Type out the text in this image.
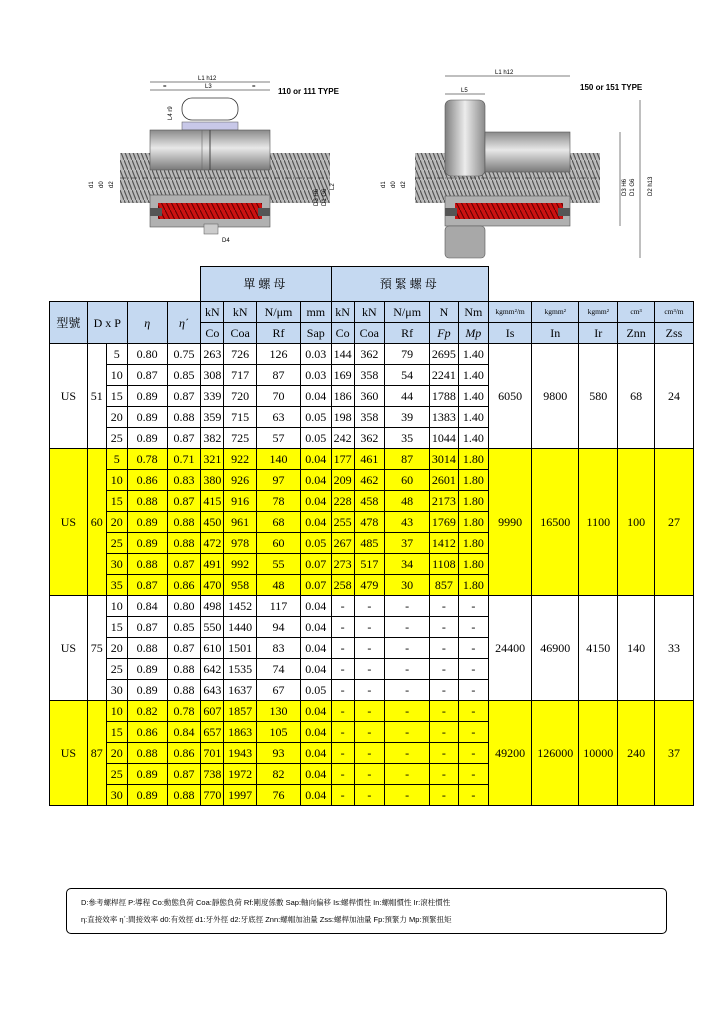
110 or 111 TYPE
L1 h12
=	L3	=
L4 r9
D4
d1 d0 d2
D3 H6 D1 G6
L2
150 or 151 TYPE
L1 h12
L5
d1 d0 d2	D3 H6 D1 G6 D2 h13
					單螺母				預緊螺母									
型號	D x P		η	η΄	kN	kN	N/μm	mm	kN	kN	N/μm	N	Nm	kgmm²/m	kgmm²	kgmm²	cm³	cm³/m
					Co	Coa	Rf	Sap	Co	Coa	Rf	Fp	Mp	Is	In	Ir	Znn	Zss
US	51	5	0.80	0.75	263	726	126	0.03	144	362	79	2695	1.40	6050	9800	580	68	24
		10	0.87	0.85	308	717	87	0.03	169	358	54	2241	1.40					
		15	0.89	0.87	339	720	70	0.04	186	360	44	1788	1.40					
		20	0.89	0.88	359	715	63	0.05	198	358	39	1383	1.40					
		25	0.89	0.87	382	725	57	0.05	242	362	35	1044	1.40					
US	60	5	0.78	0.71	321	922	140	0.04	177	461	87	3014	1.80	9990	16500	1100	100	27
		10	0.86	0.83	380	926	97	0.04	209	462	60	2601	1.80					
		15	0.88	0.87	415	916	78	0.04	228	458	48	2173	1.80					
		20	0.89	0.88	450	961	68	0.04	255	478	43	1769	1.80					
		25	0.89	0.88	472	978	60	0.05	267	485	37	1412	1.80					
		30	0.88	0.87	491	992	55	0.07	273	517	34	1108	1.80					
		35	0.87	0.86	470	958	48	0.07	258	479	30	857	1.80					
US	75	10	0.84	0.80	498	1452	117	0.04	-	-	-	-	-	24400	46900	4150	140	33
		15	0.87	0.85	550	1440	94	0.04	-	-	-	-	-					
		20	0.88	0.87	610	1501	83	0.04	-	-	-	-	-					
		25	0.89	0.88	642	1535	74	0.04	-	-	-	-	-					
		30	0.89	0.88	643	1637	67	0.05	-	-	-	-	-					
US	87	10	0.82	0.78	607	1857	130	0.04	-	-	-	-	-	49200	126000	10000	240	37
		15	0.86	0.84	657	1863	105	0.04	-	-	-	-	-					
		20	0.88	0.86	701	1943	93	0.04	-	-	-	-	-					
		25	0.89	0.87	738	1972	82	0.04	-	-	-	-	-					
		30	0.89	0.88	770	1997	76	0.04	-	-	-	-	-					
D:參考螺桿徑 P:導程 Co:動態負荷 Coa:靜態負荷 Rf:剛度係數 Sap:軸向偏移 Is:螺桿慣性 In:螺帽慣性 Ir:滾柱慣性
η:直接效率 η΄:間接效率 d0:有效徑 d1:牙外徑 d2:牙底徑 Znn:螺帽加油量 Zss:螺桿加油量 Fp:預緊力 Mp:預緊扭矩
